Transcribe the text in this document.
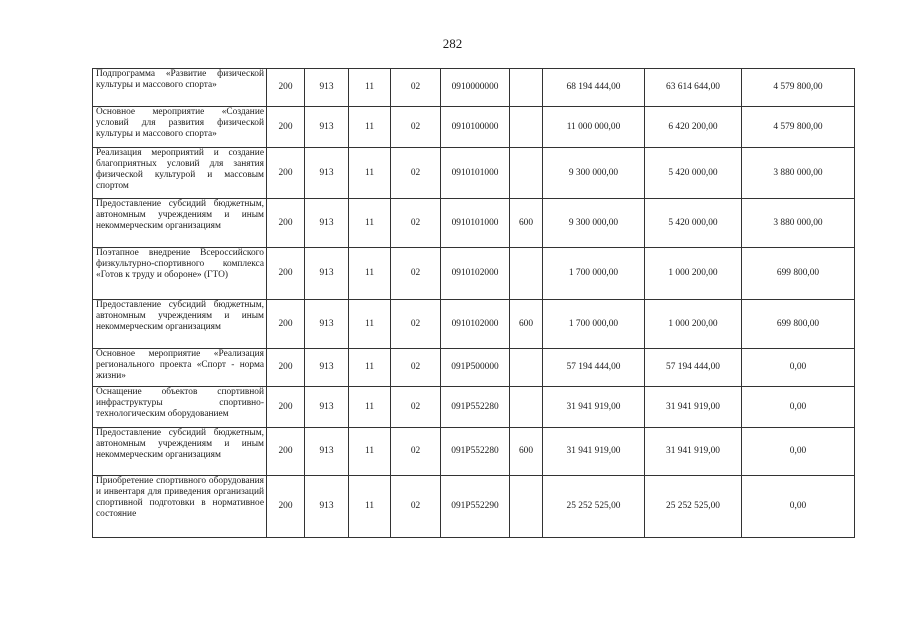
282
Подпрограмма «Развитие физической культуры и массового спорта»	200	913	11	02	0910000000		68 194 444,00	63 614 644,00	4 579 800,00
Основное мероприятие «Создание условий для развития физической культуры и массового спорта»	200	913	11	02	0910100000		11 000 000,00	6 420 200,00	4 579 800,00
Реализация мероприятий и создание благоприятных условий для занятия физической культурой и массовым спортом	200	913	11	02	0910101000		9 300 000,00	5 420 000,00	3 880 000,00
Предоставление субсидий бюджетным, автономным учреждениям и иным некоммерческим организациям	200	913	11	02	0910101000	600	9 300 000,00	5 420 000,00	3 880 000,00
Поэтапное внедрение Всероссийского физкультурно-спортивного комплекса «Готов к труду и обороне» (ГТО)	200	913	11	02	0910102000		1 700 000,00	1 000 200,00	699 800,00
Предоставление субсидий бюджетным, автономным учреждениям и иным некоммерческим организациям	200	913	11	02	0910102000	600	1 700 000,00	1 000 200,00	699 800,00
Основное мероприятие «Реализация регионального проекта «Спорт - норма жизни»	200	913	11	02	091Р500000		57 194 444,00	57 194 444,00	0,00
Оснащение объектов спортивной инфраструктуры спортивно-технологическим оборудованием	200	913	11	02	091Р552280		31 941 919,00	31 941 919,00	0,00
Предоставление субсидий бюджетным, автономным учреждениям и иным некоммерческим организациям	200	913	11	02	091Р552280	600	31 941 919,00	31 941 919,00	0,00
Приобретение спортивного оборудования и инвентаря для приведения организаций спортивной подготовки в нормативное состояние	200	913	11	02	091Р552290		25 252 525,00	25 252 525,00	0,00
